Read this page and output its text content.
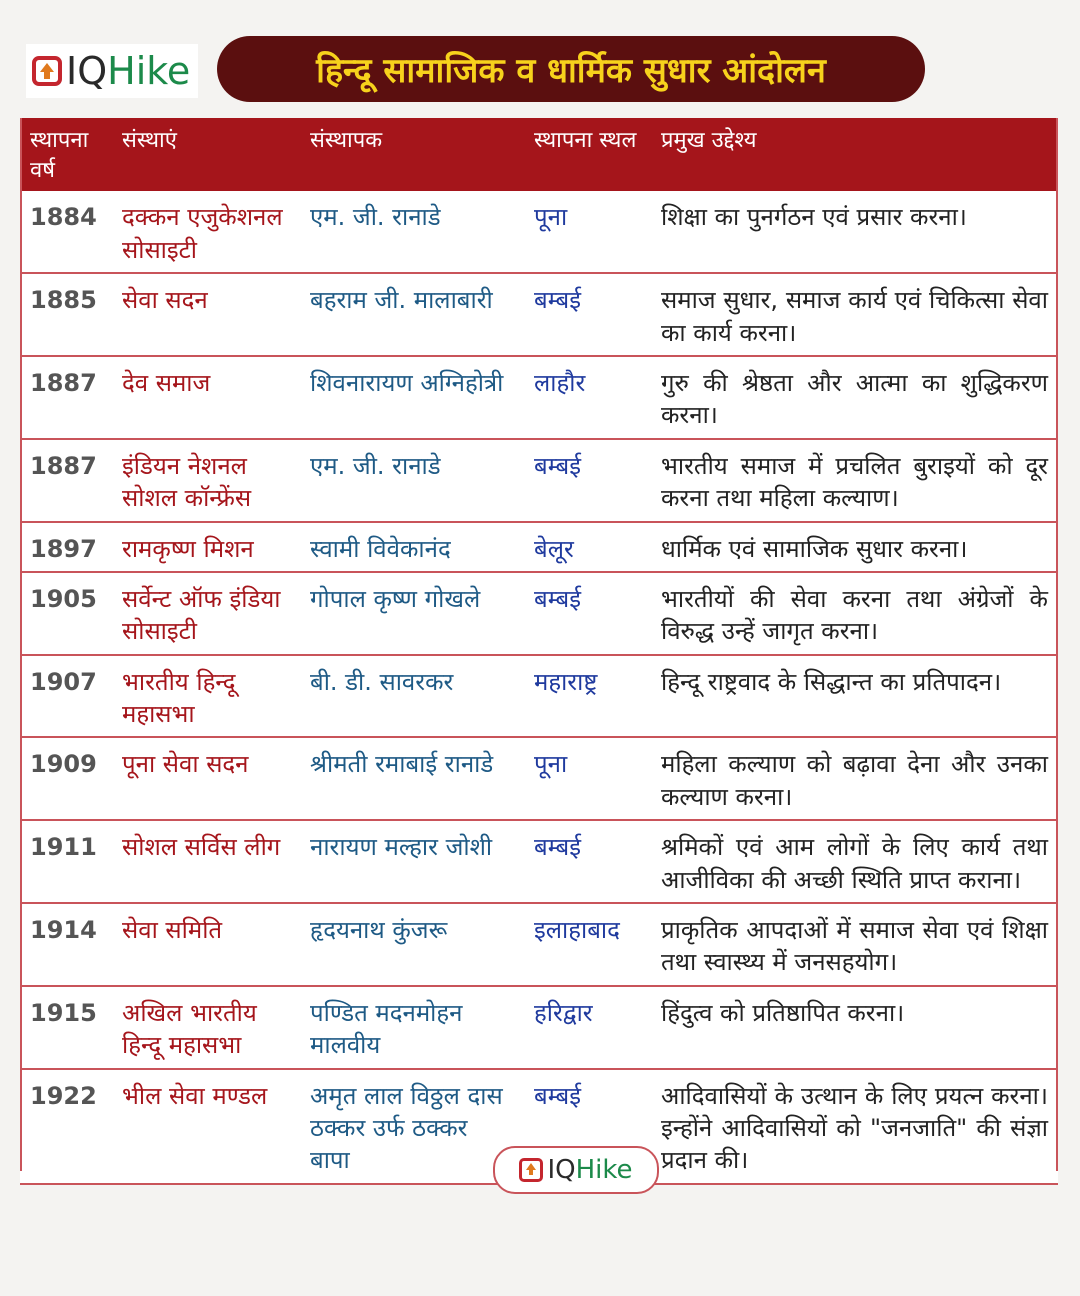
IQHike	हिन्दू सामाजिक व धार्मिक सुधार आंदोलन
स्थापना वर्ष	संस्थाएं	संस्थापक	स्थापना स्थल	प्रमुख उद्देश्य
1884	दक्कन एजुकेशनल सोसाइटी	एम. जी. रानाडे	पूना	शिक्षा का पुनर्गठन एवं प्रसार करना।
1885	सेवा सदन	बहराम जी. मालाबारी	बम्बई	समाज सुधार, समाज कार्य एवं चिकित्सा सेवा का कार्य करना।
1887	देव समाज	शिवनारायण अग्निहोत्री	लाहौर	गुरु की श्रेष्ठता और आत्मा का शुद्धिकरण करना।
1887	इंडियन नेशनल सोशल कॉन्फ्रेंस	एम. जी. रानाडे	बम्बई	भारतीय समाज में प्रचलित बुराइयों को दूर करना तथा महिला कल्याण।
1897	रामकृष्ण मिशन	स्वामी विवेकानंद	बेलूर	धार्मिक एवं सामाजिक सुधार करना।
1905	सर्वेन्ट ऑफ इंडिया सोसाइटी	गोपाल कृष्ण गोखले	बम्बई	भारतीयों की सेवा करना तथा अंग्रेजों के विरुद्ध उन्हें जागृत करना।
1907	भारतीय हिन्दू महासभा	बी. डी. सावरकर	महाराष्ट्र	हिन्दू राष्ट्रवाद के सिद्धान्त का प्रतिपादन।
1909	पूना सेवा सदन	श्रीमती रमाबाई रानाडे	पूना	महिला कल्याण को बढ़ावा देना और उनका कल्याण करना।
1911	सोशल सर्विस लीग	नारायण मल्हार जोशी	बम्बई	श्रमिकों एवं आम लोगों के लिए कार्य तथा आजीविका की अच्छी स्थिति प्राप्त कराना।
1914	सेवा समिति	हृदयनाथ कुंजरू	इलाहाबाद	प्राकृतिक आपदाओं में समाज सेवा एवं शिक्षा तथा स्वास्थ्य में जनसहयोग।
1915	अखिल भारतीय हिन्दू महासभा	पण्डित मदनमोहन मालवीय	हरिद्वार	हिंदुत्व को प्रतिष्ठापित करना।
1922	भील सेवा मण्डल	अमृत लाल विठ्ठल दास ठक्कर उर्फ ठक्कर बापा	बम्बई	आदिवासियों के उत्थान के लिए प्रयत्न करना। इन्होंने आदिवासियों को "जनजाति" की संज्ञा प्रदान की।
IQHike
